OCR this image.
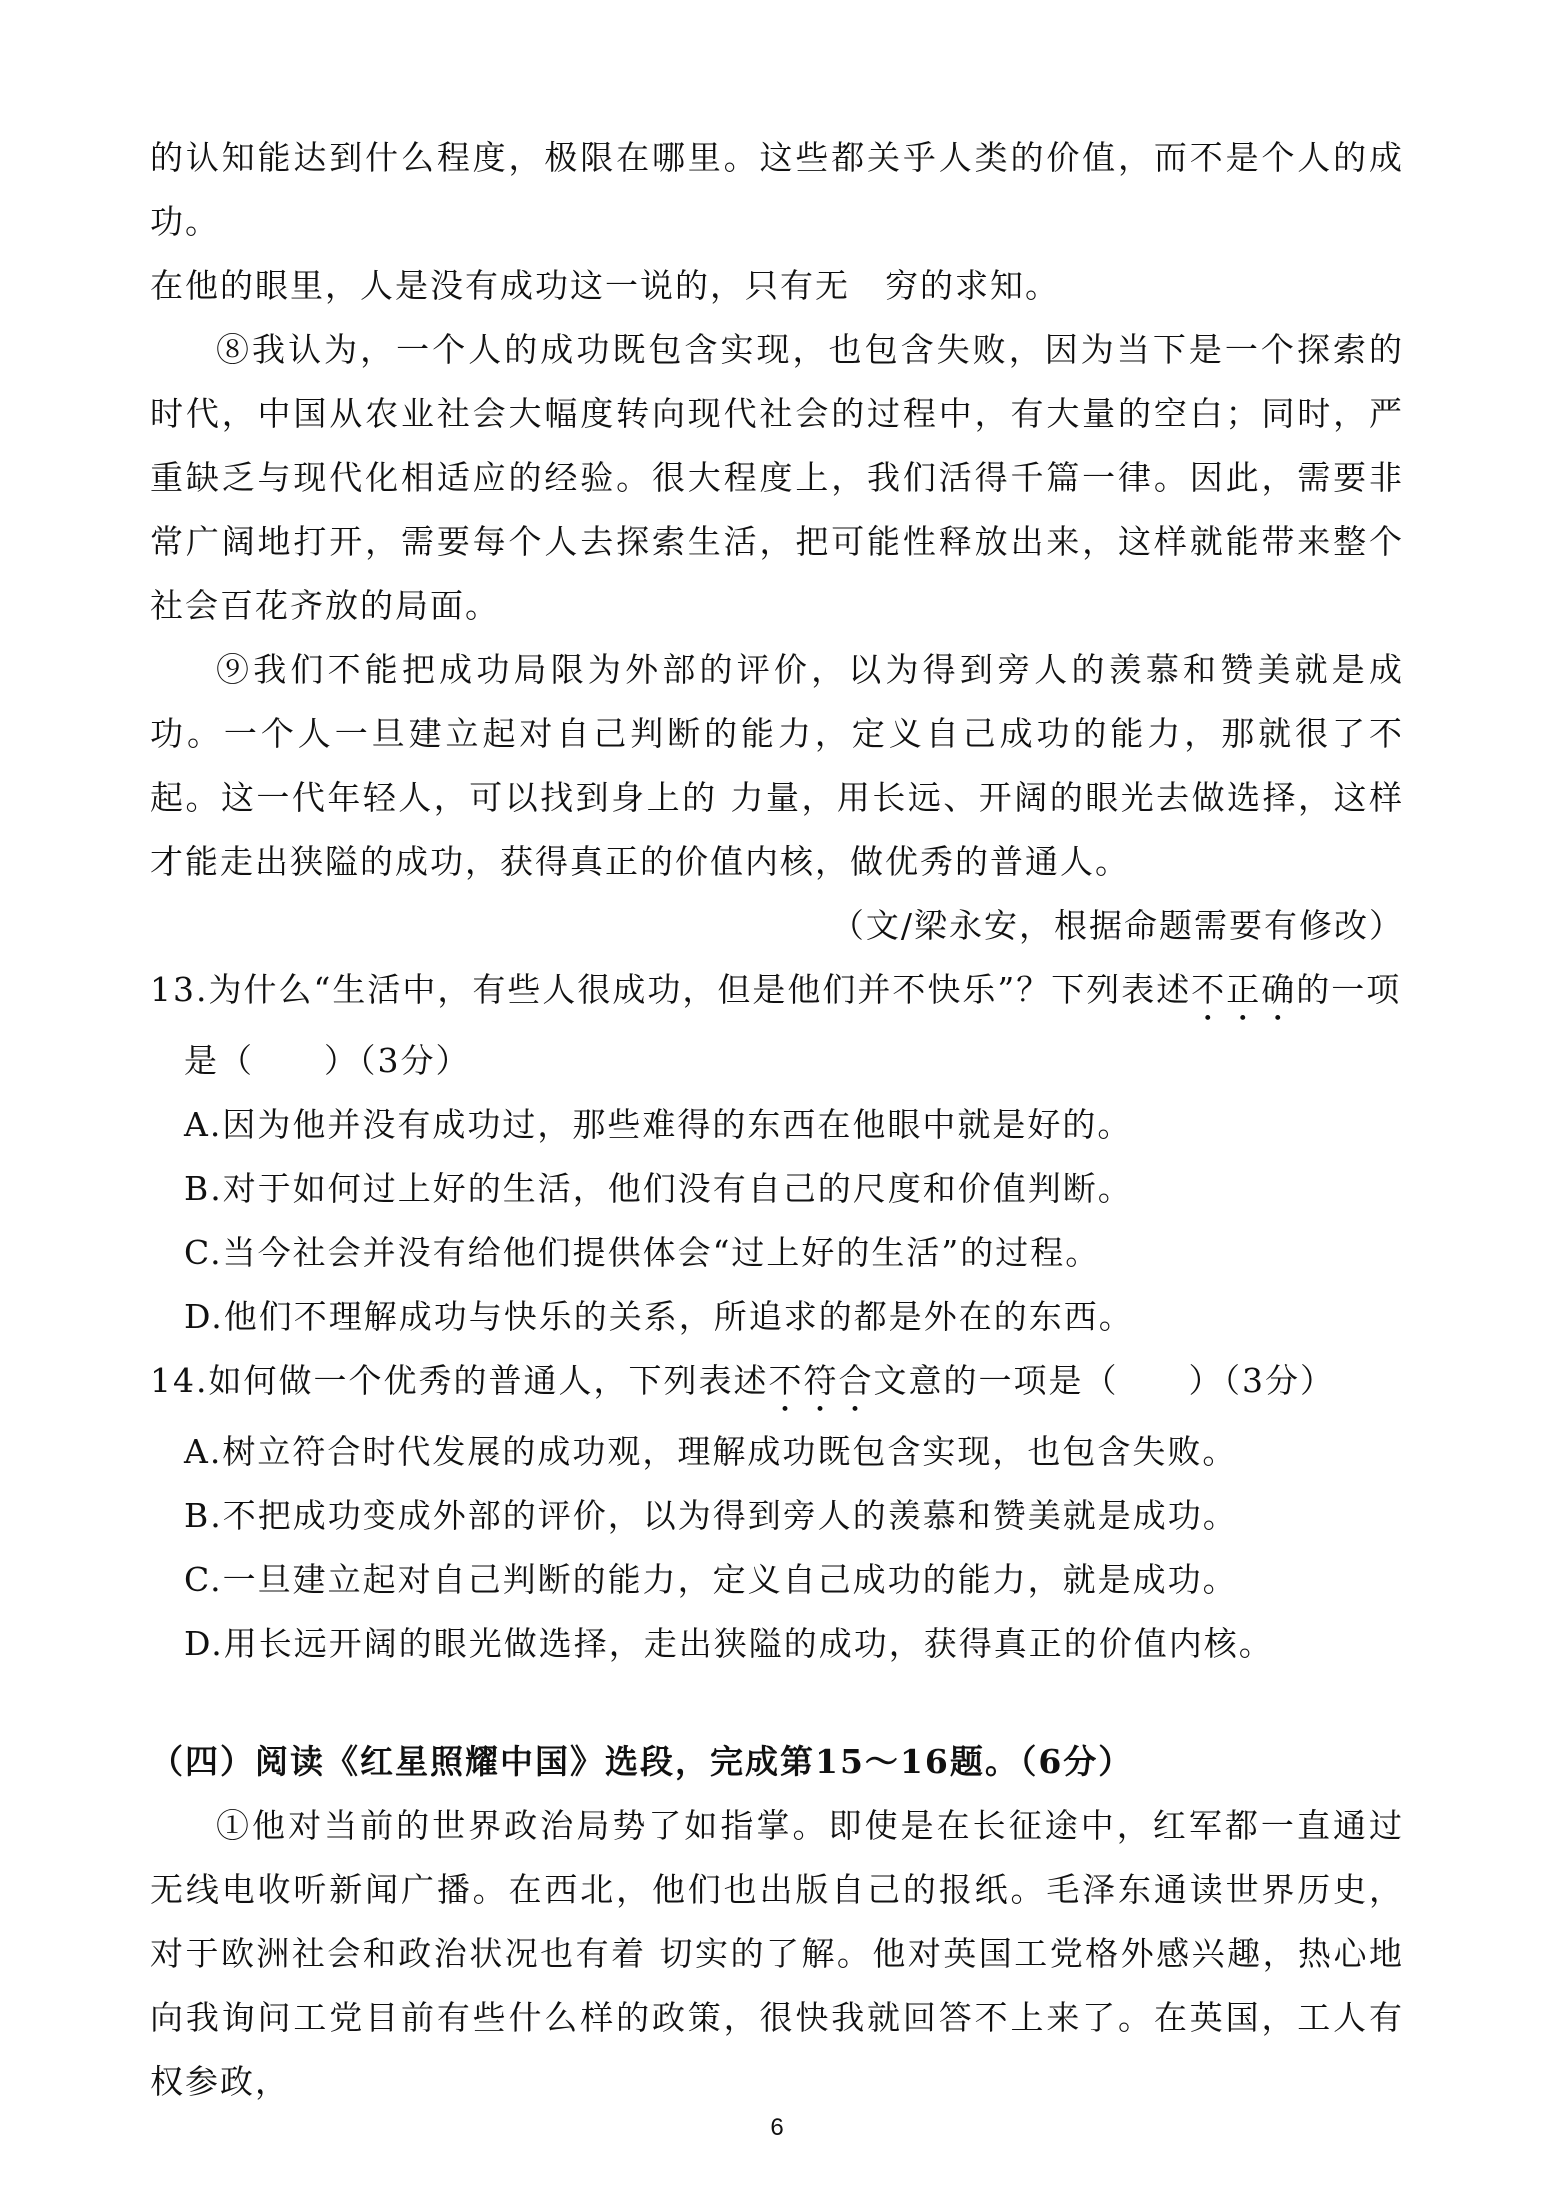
的认知能达到什么程度，极限在哪里。这些都关乎人类的价值，而不是个人的成功。

在他的眼里，人是没有成功这一说的，只有无　穷的求知。

⑧我认为，一个人的成功既包含实现，也包含失败，因为当下是一个探索的时代，中国从农业社会大幅度转向现代社会的过程中，有大量的空白；同时，严重缺乏与现代化相适应的经验。很大程度上，我们活得千篇一律。因此，需要非常广阔地打开，需要每个人去探索生活，把可能性释放出来，这样就能带来整个社会百花齐放的局面。

⑨我们不能把成功局限为外部的评价，以为得到旁人的羡慕和赞美就是成功。一个人一旦建立起对自己判断的能力，定义自己成功的能力，那就很了不起。这一代年轻人，可以找到身上的 力量，用长远、开阔的眼光去做选择，这样才能走出狭隘的成功，获得真正的价值内核，做优秀的普通人。

（文/梁永安，根据命题需要有修改）

13.为什么“生活中，有些人很成功，但是他们并不快乐”？下列表述不正确的一项

是（　　）（3分）

A.因为他并没有成功过，那些难得的东西在他眼中就是好的。

B.对于如何过上好的生活，他们没有自己的尺度和价值判断。

C.当今社会并没有给他们提供体会“过上好的生活”的过程。

D.他们不理解成功与快乐的关系，所追求的都是外在的东西。

14.如何做一个优秀的普通人，下列表述不符合文意的一项是（　　）（3分）

A.树立符合时代发展的成功观，理解成功既包含实现，也包含失败。

B.不把成功变成外部的评价，以为得到旁人的羡慕和赞美就是成功。

C.一旦建立起对自己判断的能力，定义自己成功的能力，就是成功。

D.用长远开阔的眼光做选择，走出狭隘的成功，获得真正的价值内核。

（四）阅读《红星照耀中国》选段，完成第15～16题。（6分）

①他对当前的世界政治局势了如指掌。即使是在长征途中，红军都一直通过无线电收听新闻广播。在西北，他们也出版自己的报纸。毛泽东通读世界历史，对于欧洲社会和政治状况也有着 切实的了解。他对英国工党格外感兴趣，热心地向我询问工党目前有些什么样的政策，很快我就回答不上来了。在英国，工人有权参政，

6
